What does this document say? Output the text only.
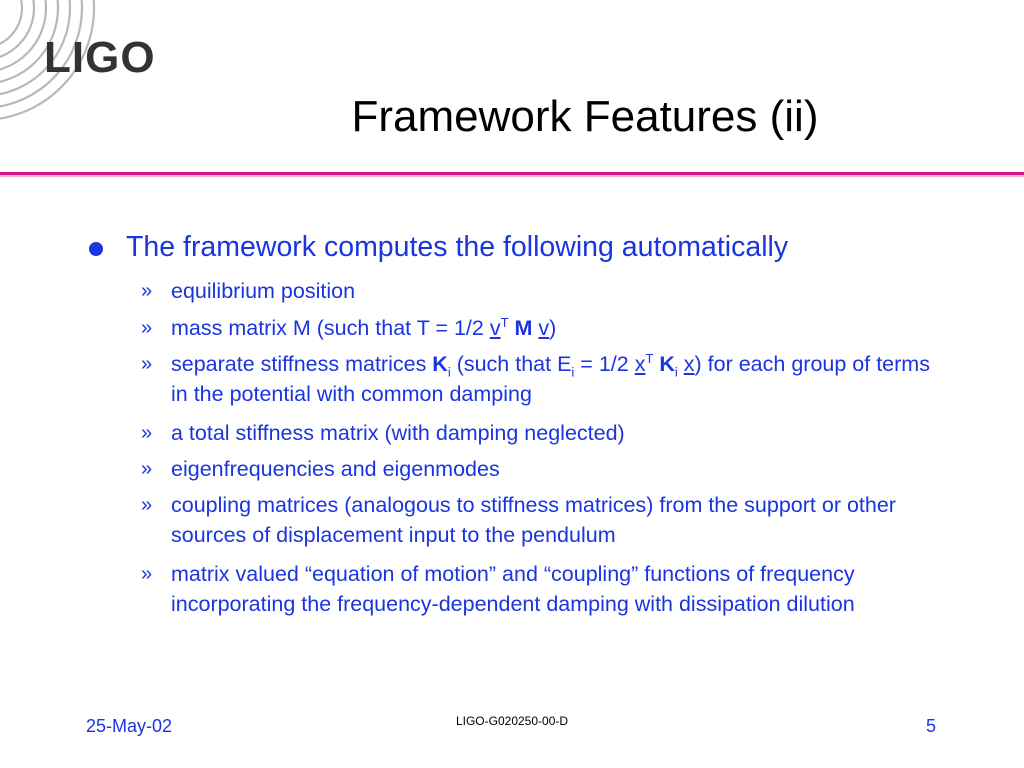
LIGO
Framework Features (ii)
The framework computes the following automatically
» equilibrium position
» mass matrix M (such that T = 1/2 $v^T$ M v)
» separate stiffness matrices $K_i$ (such that $E_i = 1/2$ $x^T$ $K_i$ x) for each group of terms in the potential with common damping
» a total stiffness matrix (with damping neglected)
» eigenfrequencies and eigenmodes
» coupling matrices (analogous to stiffness matrices) from the support or other sources of displacement input to the pendulum
» matrix valued “equation of motion” and “coupling” functions of frequency incorporating the frequency-dependent damping with dissipation dilution
25-May-02	LIGO-G020250-00-D	5
